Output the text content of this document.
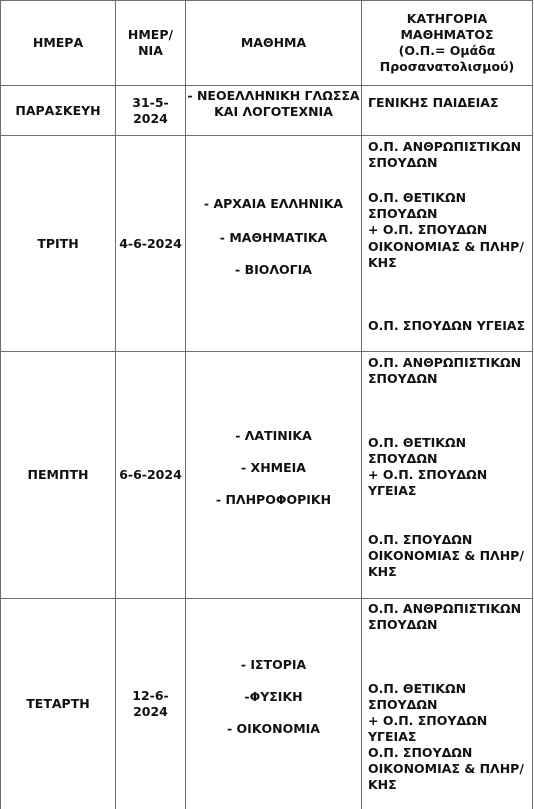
ΗΜΕΡΑ
ΗΜΕΡ/
ΝΙΑ
ΜΑΘΗΜΑ
ΚΑΤΗΓΟΡΙΑ
ΜΑΘΗΜΑΤΟΣ
(Ο.Π.= Ομάδα
Προσανατολισμού)
ΠΑΡΑΣΚΕΥΗ
31-5-
2024
- ΝΕΟΕΛΛΗΝΙΚΗ ΓΛΩΣΣΑ
ΚΑΙ ΛΟΓΟΤΕΧΝΙΑ
ΓΕΝΙΚΗΣ ΠΑΙΔΕΙΑΣ
ΤΡΙΤΗ	4-6-2024
- ΑΡΧΑΙΑ ΕΛΛΗΝΙΚΑ
- ΜΑΘΗΜΑΤΙΚΑ
- ΒΙΟΛΟΓΙΑ
Ο.Π. ΑΝΘΡΩΠΙΣΤΙΚΩΝ
ΣΠΟΥΔΩΝ
Ο.Π. ΘΕΤΙΚΩΝ ΣΠΟΥΔΩΝ
+ Ο.Π. ΣΠΟΥΔΩΝ
ΟΙΚΟΝΟΜΙΑΣ & ΠΛΗΡ/
ΚΗΣ
Ο.Π. ΣΠΟΥΔΩΝ ΥΓΕΙΑΣ
ΠΕΜΠΤΗ 6-6-2024
- ΛΑΤΙΝΙΚΑ
- ΧΗΜΕΙΑ
- ΠΛΗΡΟΦΟΡΙΚΗ
Ο.Π. ΑΝΘΡΩΠΙΣΤΙΚΩΝ
ΣΠΟΥΔΩΝ
Ο.Π. ΘΕΤΙΚΩΝ ΣΠΟΥΔΩΝ
+ Ο.Π. ΣΠΟΥΔΩΝ ΥΓΕΙΑΣ
Ο.Π. ΣΠΟΥΔΩΝ
ΟΙΚΟΝΟΜΙΑΣ & ΠΛΗΡ/
ΚΗΣ
ΤΕΤΑΡΤΗ
12-6-
2024
- ΙΣΤΟΡΙΑ
-ΦΥΣΙΚΗ
- ΟΙΚΟΝΟΜΙΑ
Ο.Π. ΑΝΘΡΩΠΙΣΤΙΚΩΝ
ΣΠΟΥΔΩΝ
Ο.Π. ΘΕΤΙΚΩΝ ΣΠΟΥΔΩΝ
+ Ο.Π. ΣΠΟΥΔΩΝ ΥΓΕΙΑΣ
Ο.Π. ΣΠΟΥΔΩΝ
ΟΙΚΟΝΟΜΙΑΣ & ΠΛΗΡ/
ΚΗΣ
